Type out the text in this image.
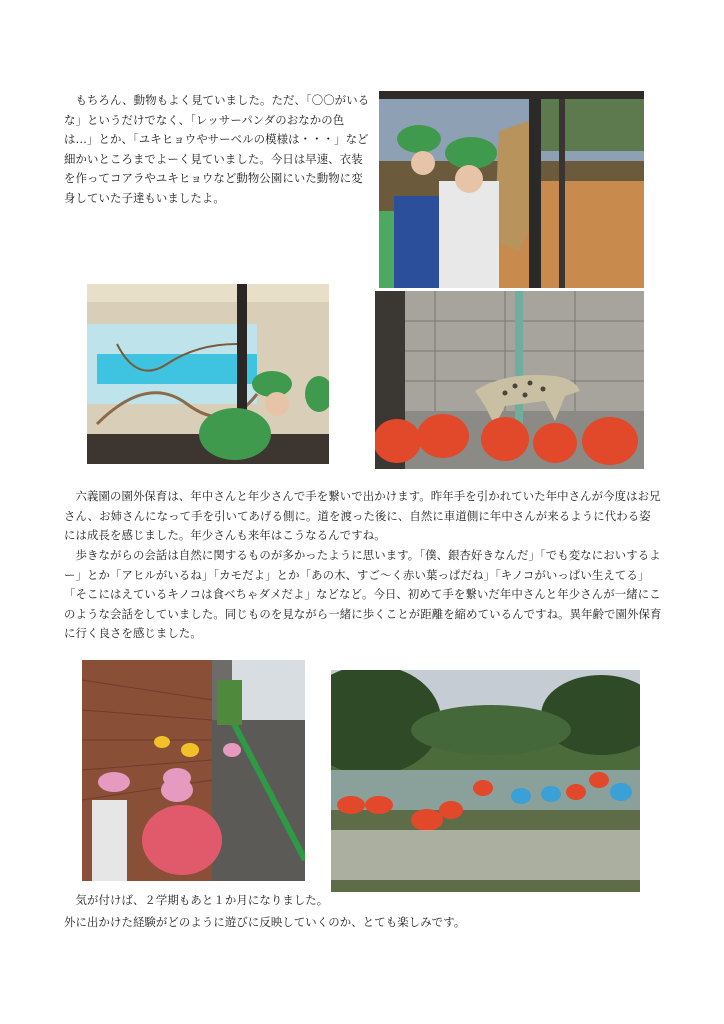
　もちろん、動物もよく見ていました。ただ、「〇〇がいるな」というだけでなく、「レッサーパンダのおなかの色は…」とか、「ユキヒョウやサーベルの模様は・・・」など細かいところまでよーく見ていました。今日は早速、衣装を作ってコアラやユキヒョウなど動物公園にいた動物に変身していた子達もいましたよ。
　六義園の園外保育は、年中さんと年少さんで手を繋いで出かけます。昨年手を引かれていた年中さんが今度はお兄さん、お姉さんになって手を引いてあげる側に。道を渡った後に、自然に車道側に年中さんが来るように代わる姿には成長を感じました。年少さんも来年はこうなるんですね。
　歩きながらの会話は自然に関するものが多かったように思います。「僕、銀杏好きなんだ」「でも変なにおいするよー」とか「アヒルがいるね」「カモだよ」とか「あの木、すご～く赤い葉っぱだね」「キノコがいっぱい生えてる」「そこにはえているキノコは食べちゃダメだよ」などなど。今日、初めて手を繋いだ年中さんと年少さんが一緒にこのような会話をしていました。同じものを見ながら一緒に歩くことが距離を縮めているんですね。異年齢で園外保育に行く良さを感じました。
　気が付けば、２学期もあと１か月になりました。
外に出かけた経験がどのように遊びに反映していくのか、とても楽しみです。
